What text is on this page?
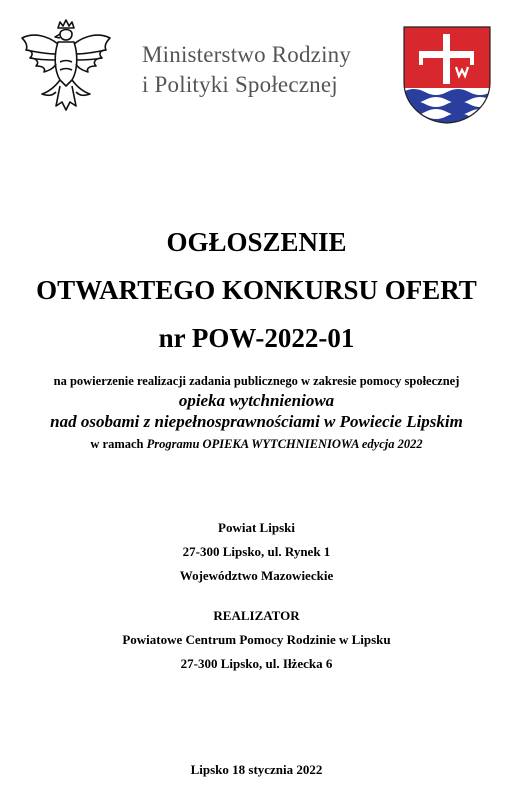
Ministerstwo Rodziny
i Polityki Społecznej
OGŁOSZENIE
OTWARTEGO KONKURSU OFERT
nr POW-2022-01
na powierzenie realizacji zadania publicznego w zakresie pomocy społecznej
opieka wytchnieniowa
nad osobami z niepełnosprawnościami w Powiecie Lipskim
w ramach Programu OPIEKA WYTCHNIENIOWA edycja 2022
Powiat Lipski
27-300 Lipsko, ul. Rynek 1
Województwo Mazowieckie
REALIZATOR
Powiatowe Centrum Pomocy Rodzinie w Lipsku
27-300 Lipsko, ul. Iłżecka 6
Lipsko 18 stycznia 2022
